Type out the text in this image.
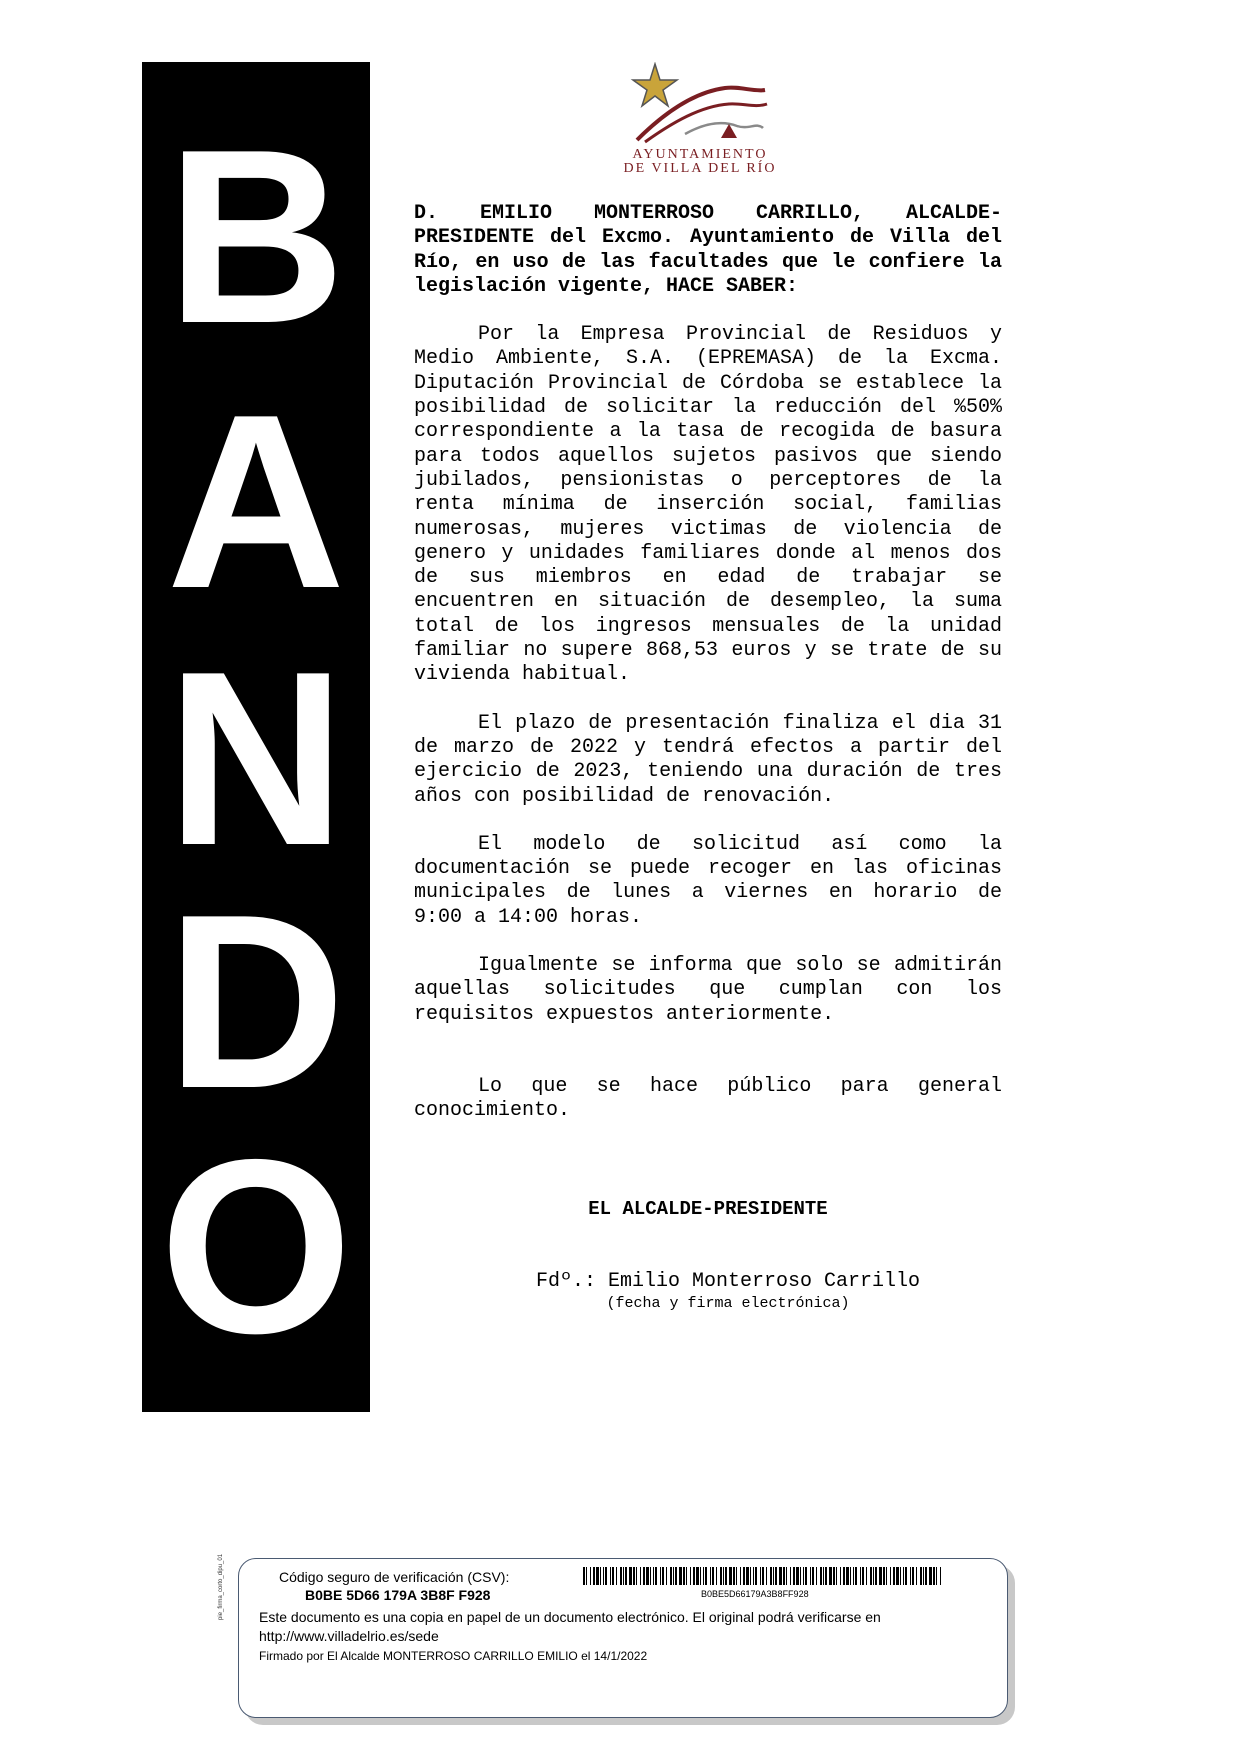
B
A
N
D
O
AYUNTAMIENTO
DE VILLA DEL RÍO

D. EMILIO MONTERROSO CARRILLO, ALCALDE-PRESIDENTE del Excmo. Ayuntamiento de Villa del Río, en uso de las facultades que le confiere la legislación vigente, HACE SABER:

Por la Empresa Provincial de Residuos y Medio Ambiente, S.A. (EPREMASA) de la Excma. Diputación Provincial de Córdoba se establece la posibilidad de solicitar la reducción del %50% correspondiente a la tasa de recogida de basura para todos aquellos sujetos pasivos que siendo jubilados, pensionistas o perceptores de la renta mínima de inserción social, familias numerosas, mujeres victimas de violencia de genero y unidades familiares donde al menos dos de sus miembros en edad de trabajar se encuentren en situación de desempleo, la suma total de los ingresos mensuales de la unidad familiar no supere 868,53 euros y se trate de su vivienda habitual.

El plazo de presentación finaliza el dia 31 de marzo de 2022 y tendrá efectos a partir del ejercicio de 2023, teniendo una duración de tres años con posibilidad de renovación.

El modelo de solicitud así como la documentación se puede recoger en las oficinas municipales de lunes a viernes en horario de 9:00 a 14:00 horas.

Igualmente se informa que solo se admitirán aquellas solicitudes que cumplan con los requisitos expuestos anteriormente.

Lo que se hace público para general conocimiento.

EL ALCALDE-PRESIDENTE
Fdº.: Emilio Monterroso Carrillo
(fecha y firma electrónica)
pie_firma_corto_dipu_01	Código seguro de verificación (CSV):
B0BE 5D66 179A 3B8F F928	B0BE5D66179A3B8FF928
Este documento es una copia en papel de un documento electrónico. El original podrá verificarse en
http://www.villadelrio.es/sede
Firmado por El Alcalde MONTERROSO CARRILLO EMILIO el 14/1/2022
